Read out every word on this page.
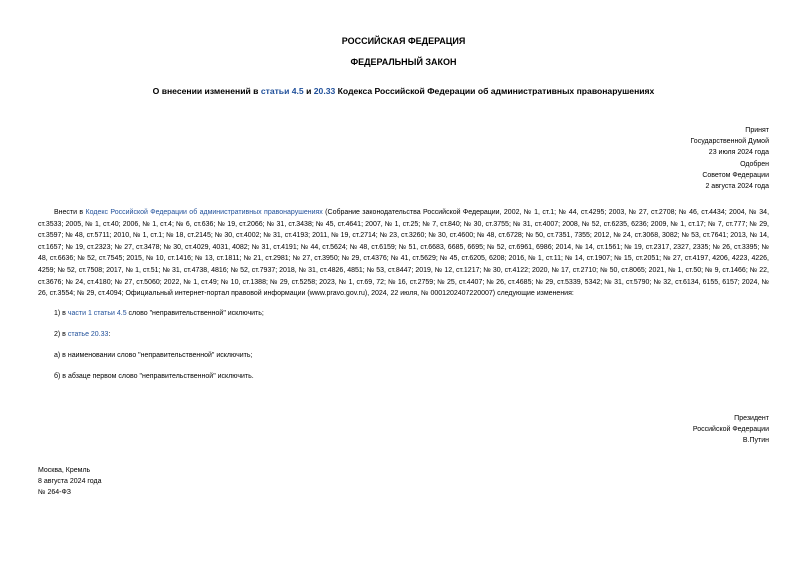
РОССИЙСКАЯ ФЕДЕРАЦИЯ
ФЕДЕРАЛЬНЫЙ ЗАКОН
О внесении изменений в статьи 4.5 и 20.33 Кодекса Российской Федерации об административных правонарушениях
Принят
Государственной Думой
23 июля 2024 года
Одобрен
Советом Федерации
2 августа 2024 года
Внести в Кодекс Российской Федерации об административных правонарушениях (Собрание законодательства Российской Федерации, 2002, № 1, ст.1; № 44, ст.4295; 2003, № 27, ст.2708; № 46, ст.4434; 2004, № 34, ст.3533; 2005, № 1, ст.40; 2006, № 1, ст.4; № 6, ст.636; № 19, ст.2066; № 31, ст.3438; № 45, ст.4641; 2007, № 1, ст.25; № 7, ст.840; № 30, ст.3755; № 31, ст.4007; 2008, № 52, ст.6235, 6236; 2009, № 1, ст.17; № 7, ст.777; № 29, ст.3597; № 48, ст.5711; 2010, № 1, ст.1; № 18, ст.2145; № 30, ст.4002; № 31, ст.4193; 2011, № 19, ст.2714; № 23, ст.3260; № 30, ст.4600; № 48, ст.6728; № 50, ст.7351, 7355; 2012, № 24, ст.3068, 3082; № 53, ст.7641; 2013, № 14, ст.1657; № 19, ст.2323; № 27, ст.3478; № 30, ст.4029, 4031, 4082; № 31, ст.4191; № 44, ст.5624; № 48, ст.6159; № 51, ст.6683, 6685, 6695; № 52, ст.6961, 6986; 2014, № 14, ст.1561; № 19, ст.2317, 2327, 2335; № 26, ст.3395; № 48, ст.6636; № 52, ст.7545; 2015, № 10, ст.1416; № 13, ст.1811; № 21, ст.2981; № 27, ст.3950; № 29, ст.4376; № 41, ст.5629; № 45, ст.6205, 6208; 2016, № 1, ст.11; № 14, ст.1907; № 15, ст.2051; № 27, ст.4197, 4206, 4223, 4226, 4259; № 52, ст.7508; 2017, № 1, ст.51; № 31, ст.4738, 4816; № 52, ст.7937; 2018, № 31, ст.4826, 4851; № 53, ст.8447; 2019, № 12, ст.1217; № 30, ст.4122; 2020, № 17, ст.2710; № 50, ст.8065; 2021, № 1, ст.50; № 9, ст.1466; № 22, ст.3676; № 24, ст.4180; № 27, ст.5060; 2022, № 1, ст.49; № 10, ст.1388; № 29, ст.5258; 2023, № 1, ст.69, 72; № 16, ст.2759; № 25, ст.4407; № 26, ст.4685; № 29, ст.5339, 5342; № 31, ст.5790; № 32, ст.6134, 6155, 6157; 2024, № 26, ст.3554; № 29, ст.4094; Официальный интернет-портал правовой информации (www.pravo.gov.ru), 2024, 22 июля, № 0001202407220007) следующие изменения:
1) в части 1 статьи 4.5 слово "неправительственной" исключить;
2) в статье 20.33:
а) в наименовании слово "неправительственной" исключить;
б) в абзаце первом слово "неправительственной" исключить.
Президент
Российской Федерации
В.Путин
Москва, Кремль
8 августа 2024 года
№ 264-ФЗ
